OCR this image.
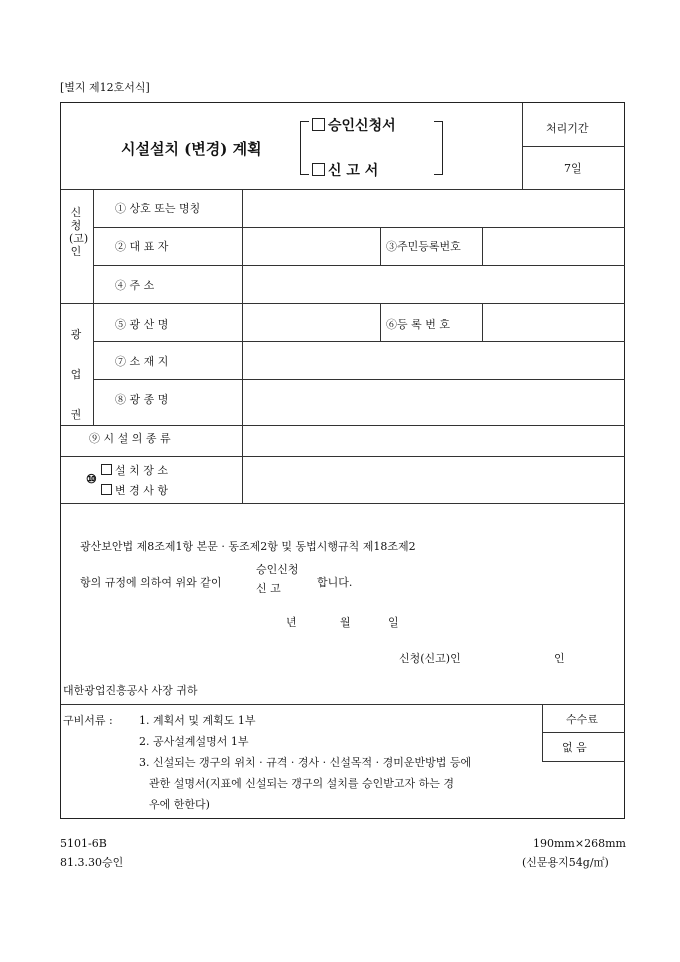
[별지 제12호서식]
시설설치 (변경) 계획
승인신청서
신 고 서
처리기간
7일
신청(고)인
① 상호 또는 명칭
② 대 표 자	③주민등록번호
④ 주 소
광업권
⑤ 광 산 명	⑥등 록 번 호
⑦ 소 재 지
⑧ 광 종 명
⑨ 시 설 의 종 류
⑩
설 치 장 소
변 경 사 항
광산보안법 제8조제1항 본문 · 동조제2항 및 동법시행규칙 제18조제2
항의 규정에 의하여 위와 같이
승인신청
신 고	합니다.
년	월	일
신청(신고)인	인
대한광업진흥공사 사장 귀하
구비서류 : 1. 계획서 및 계획도 1부
2. 공사설계설명서 1부
3. 신설되는 갱구의 위치 · 규격 · 경사 · 신설목적 · 경미운반방법 등에
관한 설명서(지표에 신설되는 갱구의 설치를 승인받고자 하는 경
우에 한한다)
수수료
없 음
5101-6B
81.3.30승인
190mm×268mm
(신문용지54g/㎡)
